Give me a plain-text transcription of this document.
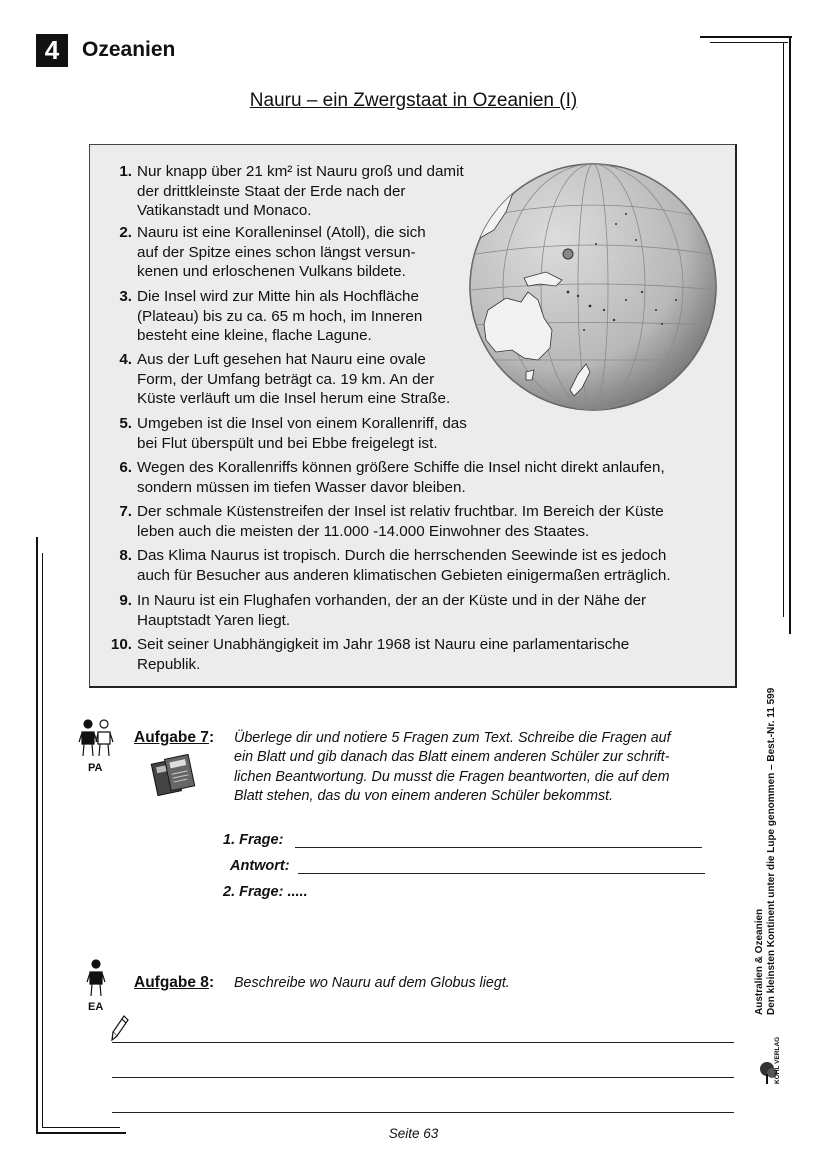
4	Ozeanien
Nauru – ein Zwergstaat in Ozeanien (I)
1. Nur knapp über 21 km² ist Nauru groß und damit
der drittkleinste Staat der Erde nach der
Vatikanstadt und Monaco.
2. Nauru ist eine Koralleninsel (Atoll), die sich
auf der Spitze eines schon längst versun-
kenen und erloschenen Vulkans bildete.
3. Die Insel wird zur Mitte hin als Hochfläche
(Plateau) bis zu ca. 65 m hoch, im Inneren
besteht eine kleine, flache Lagune.
4. Aus der Luft gesehen hat Nauru eine ovale
Form, der Umfang beträgt ca. 19 km. An der
Küste verläuft um die Insel herum eine Straße.
5. Umgeben ist die Insel von einem Korallenriff, das
bei Flut überspült und bei Ebbe freigelegt ist.
6. Wegen des Korallenriffs können größere Schiffe die Insel nicht direkt anlaufen,
sondern müssen im tiefen Wasser davor bleiben.
7. Der schmale Küstenstreifen der Insel ist relativ fruchtbar. Im Bereich der Küste
leben auch die meisten der 11.000 -14.000 Einwohner des Staates.
8. Das Klima Naurus ist tropisch. Durch die herrschenden Seewinde ist es jedoch
auch für Besucher aus anderen klimatischen Gebieten einigermaßen erträglich.
9. In Nauru ist ein Flughafen vorhanden, der an der Küste und in der Nähe der
Hauptstadt Yaren liegt.
10. Seit seiner Unabhängigkeit im Jahr 1968 ist Nauru eine parlamentarische
Republik.
PA
Aufgabe 7: Überlege dir und notiere 5 Fragen zum Text. Schreibe die Fragen auf
ein Blatt und gib danach das Blatt einem anderen Schüler zur schrift-
lichen Beantwortung. Du musst die Fragen beantworten, die auf dem
Blatt stehen, das du von einem anderen Schüler bekommst.
1. Frage:
Antwort:
2. Frage: .....
EA
Aufgabe 8: Beschreibe wo Nauru auf dem Globus liegt.	Australien & Ozeanien Den kleinsten Kontinent unter die Lupe genommen – Best.-Nr. 11 599
KOHL VERLAG
Seite 63
